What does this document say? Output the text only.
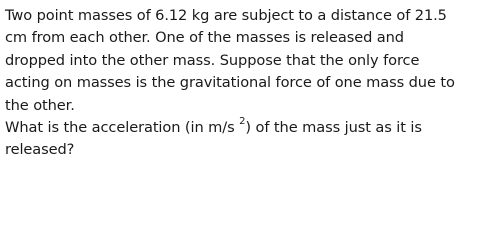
Two point masses of 6.12 kg are subject to a distance of 21.5
cm from each other. One of the masses is released and
dropped into the other mass. Suppose that the only force
acting on masses is the gravitational force of one mass due to
the other.
What is the acceleration (in m/s $^2$) of the mass just as it is
released?
